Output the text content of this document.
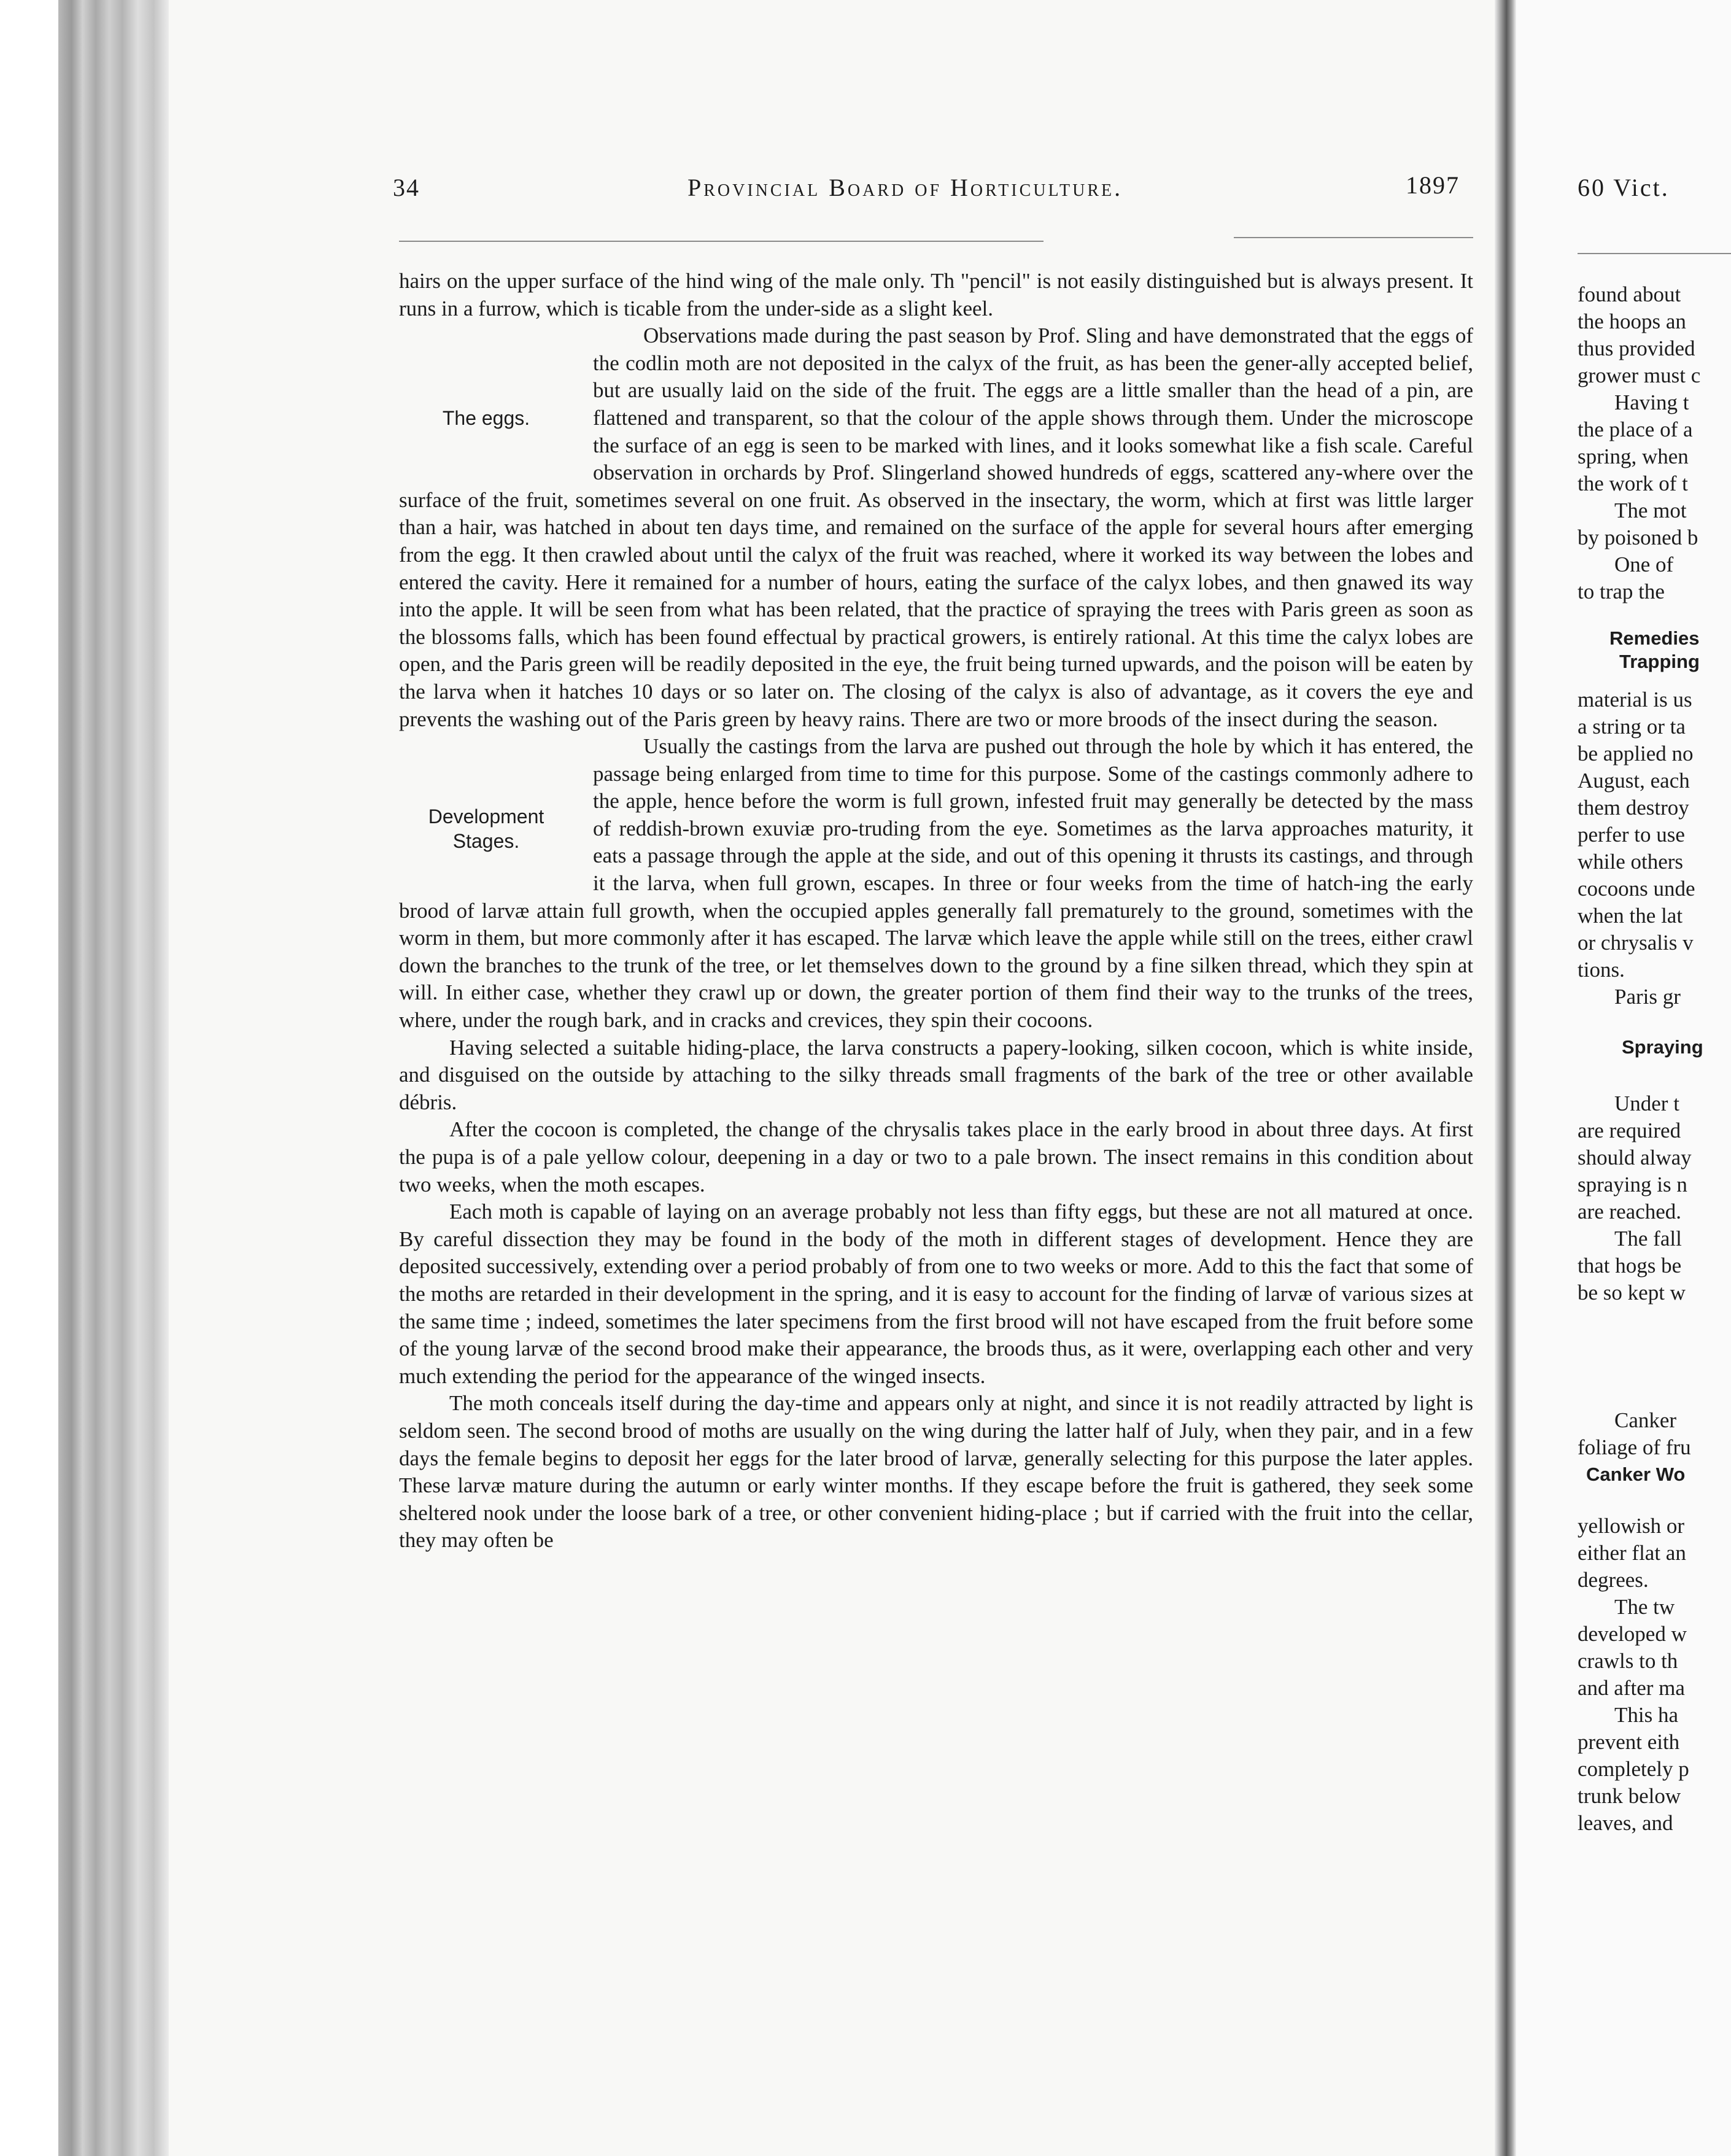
34	Provincial Board of Horticulture.	1897

hairs on the upper surface of the hind wing of the male only. Th "pencil" is not easily distinguished but is always present. It runs in a furrow, which is ticable from the under-side as a slight keel.

The eggs.
Observations made during the past season by Prof. Sling and have demonstrated that the eggs of the codlin moth are not deposited in the calyx of the fruit, as has been the gener-ally accepted belief, but are usually laid on the side of the fruit. The eggs are a little smaller than the head of a pin, are flattened and transparent, so that the colour of the apple shows through them. Under the microscope the surface of an egg is seen to be marked with lines, and it looks somewhat like a fish scale. Careful observation in orchards by Prof. Slingerland showed hundreds of eggs, scattered any-where over the surface of the fruit, sometimes several on one fruit. As observed in the insectary, the worm, which at first was little larger than a hair, was hatched in about ten days time, and remained on the surface of the apple for several hours after emerging from the egg. It then crawled about until the calyx of the fruit was reached, where it worked its way between the lobes and entered the cavity. Here it remained for a number of hours, eating the surface of the calyx lobes, and then gnawed its way into the apple. It will be seen from what has been related, that the practice of spraying the trees with Paris green as soon as the blossoms falls, which has been found effectual by practical growers, is entirely rational. At this time the calyx lobes are open, and the Paris green will be readily deposited in the eye, the fruit being turned upwards, and the poison will be eaten by the larva when it hatches 10 days or so later on. The closing of the calyx is also of advantage, as it covers the eye and prevents the washing out of the Paris green by heavy rains. There are two or more broods of the insect during the season.

Development
Stages.
Usually the castings from the larva are pushed out through the hole by which it has entered, the passage being enlarged from time to time for this purpose. Some of the castings commonly adhere to the apple, hence before the worm is full grown, infested fruit may generally be detected by the mass of reddish-brown exuviæ pro-truding from the eye. Sometimes as the larva approaches maturity, it eats a passage through the apple at the side, and out of this opening it thrusts its castings, and through it the larva, when full grown, escapes. In three or four weeks from the time of hatch-ing the early brood of larvæ attain full growth, when the occupied apples generally fall prematurely to the ground, sometimes with the worm in them, but more commonly after it has escaped. The larvæ which leave the apple while still on the trees, either crawl down the branches to the trunk of the tree, or let themselves down to the ground by a fine silken thread, which they spin at will. In either case, whether they crawl up or down, the greater portion of them find their way to the trunks of the trees, where, under the rough bark, and in cracks and crevices, they spin their cocoons.

Having selected a suitable hiding-place, the larva constructs a papery-looking, silken cocoon, which is white inside, and disguised on the outside by attaching to the silky threads small fragments of the bark of the tree or other available débris.

After the cocoon is completed, the change of the chrysalis takes place in the early brood in about three days. At first the pupa is of a pale yellow colour, deepening in a day or two to a pale brown. The insect remains in this condition about two weeks, when the moth escapes.

Each moth is capable of laying on an average probably not less than fifty eggs, but these are not all matured at once. By careful dissection they may be found in the body of the moth in different stages of development. Hence they are deposited successively, extending over a period probably of from one to two weeks or more. Add to this the fact that some of the moths are retarded in their development in the spring, and it is easy to account for the finding of larvæ of various sizes at the same time ; indeed, sometimes the later specimens from the first brood will not have escaped from the fruit before some of the young larvæ of the second brood make their appearance, the broods thus, as it were, overlapping each other and very much extending the period for the appearance of the winged insects.

The moth conceals itself during the day-time and appears only at night, and since it is not readily attracted by light is seldom seen. The second brood of moths are usually on the wing during the latter half of July, when they pair, and in a few days the female begins to deposit her eggs for the later brood of larvæ, generally selecting for this purpose the later apples. These larvæ mature during the autumn or early winter months. If they escape before the fruit is gathered, they seek some sheltered nook under the loose bark of a tree, or other convenient hiding-place ; but if carried with the fruit into the cellar, they may often be

60 Vict.
found about
the hoops an
thus provided
grower must c
Having t
the place of a
spring, when
the work of t
The mot
by poisoned b
One of
to trap the
Remedies
Trapping
material is us
a string or ta
be applied no
August, each
them destroy
perfer to use
while others
cocoons unde
when the lat
or chrysalis v
tions.
Paris gr
Spraying
Under t
are required
should alway
spraying is n
are reached.
The fall
that hogs be
be so kept w
Canker
foliage of fru
Canker Wo
yellowish or
either flat an
degrees.
The tw
developed w
crawls to th
and after ma
This ha
prevent eith
completely p
trunk below
leaves, and
